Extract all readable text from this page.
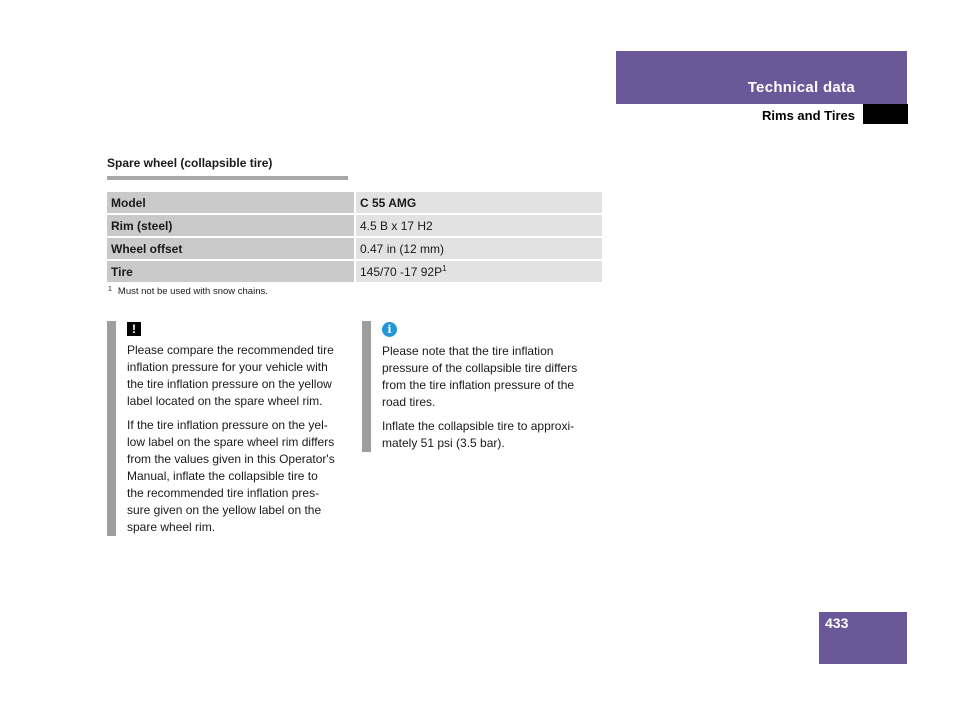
Technical data
Rims and Tires
Spare wheel (collapsible tire)
Model	C 55 AMG
Rim (steel)	4.5 B x 17 H2
Wheel offset	0.47 in (12 mm)
Tire	145/70 -17 $92P^1$
$^1$ Must not be used with snow chains.
!

Please compare the recommended tire inflation pressure for your vehicle with the tire inflation pressure on the yellow label located on the spare wheel rim.

If the tire inflation pressure on the yel-low label on the spare wheel rim differs from the values given in this Operator's Manual, inflate the collapsible tire to the recommended tire inflation pres-sure given on the yellow label on the spare wheel rim.

i

Please note that the tire inflation pressure of the collapsible tire differs from the tire inflation pressure of the road tires.

Inflate the collapsible tire to approxi-mately 51 psi (3.5 bar).

433
